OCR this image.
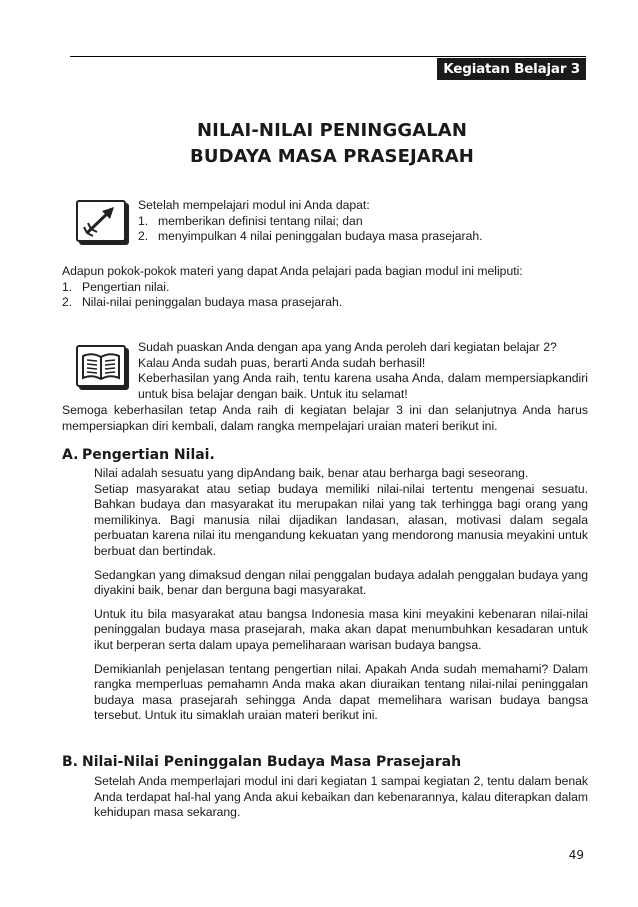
Kegiatan Belajar 3
NILAI-NILAI PENINGGALAN
BUDAYA MASA PRASEJARAH

Setelah mempelajari modul ini Anda dapat:

1. memberikan definisi tentang nilai; dan
2. menyimpulkan 4 nilai peninggalan budaya masa prasejarah.

Adapun pokok-pokok materi yang dapat Anda pelajari pada bagian modul ini meliputi:

1. Pengertian nilai.
2. Nilai-nilai peninggalan budaya masa prasejarah.

Sudah puaskan Anda dengan apa yang Anda peroleh dari kegiatan belajar 2?

Kalau Anda sudah puas, berarti Anda sudah berhasil!

Keberhasilan yang Anda raih, tentu karena usaha Anda, dalam mempersiapkandiri untuk bisa belajar dengan baik. Untuk itu selamat!

Semoga keberhasilan tetap Anda raih di kegiatan belajar 3 ini dan selanjutnya Anda harus mempersiapkan diri kembali, dalam rangka mempelajari uraian materi berikut ini.

A. Pengertian Nilai.

Nilai adalah sesuatu yang dipAndang baik, benar atau berharga bagi seseorang.

Setiap masyarakat atau setiap budaya memiliki nilai-nilai tertentu mengenai sesuatu. Bahkan budaya dan masyarakat itu merupakan nilai yang tak terhingga bagi orang yang memilikinya. Bagi manusia nilai dijadikan landasan, alasan, motivasi dalam segala perbuatan karena nilai itu mengandung kekuatan yang mendorong manusia meyakini untuk berbuat dan bertindak.

Sedangkan yang dimaksud dengan nilai penggalan budaya adalah penggalan budaya yang diyakini baik, benar dan berguna bagi masyarakat.

Untuk itu bila masyarakat atau bangsa Indonesia masa kini meyakini kebenaran nilai-nilai peninggalan budaya masa prasejarah, maka akan dapat menumbuhkan kesadaran untuk ikut berperan serta dalam upaya pemeliharaan warisan budaya bangsa.

Demikianlah penjelasan tentang pengertian nilai. Apakah Anda sudah memahami? Dalam rangka memperluas pemahamn Anda maka akan diuraikan tentang nilai-nilai peninggalan budaya masa prasejarah sehingga Anda dapat memelihara warisan budaya bangsa tersebut. Untuk itu simaklah uraian materi berikut ini.

B. Nilai-Nilai Peninggalan Budaya Masa Prasejarah

Setelah Anda memperlajari modul ini dari kegiatan 1 sampai kegiatan 2, tentu dalam benak Anda terdapat hal-hal yang Anda akui kebaikan dan kebenarannya, kalau diterapkan dalam kehidupan masa sekarang.

49
